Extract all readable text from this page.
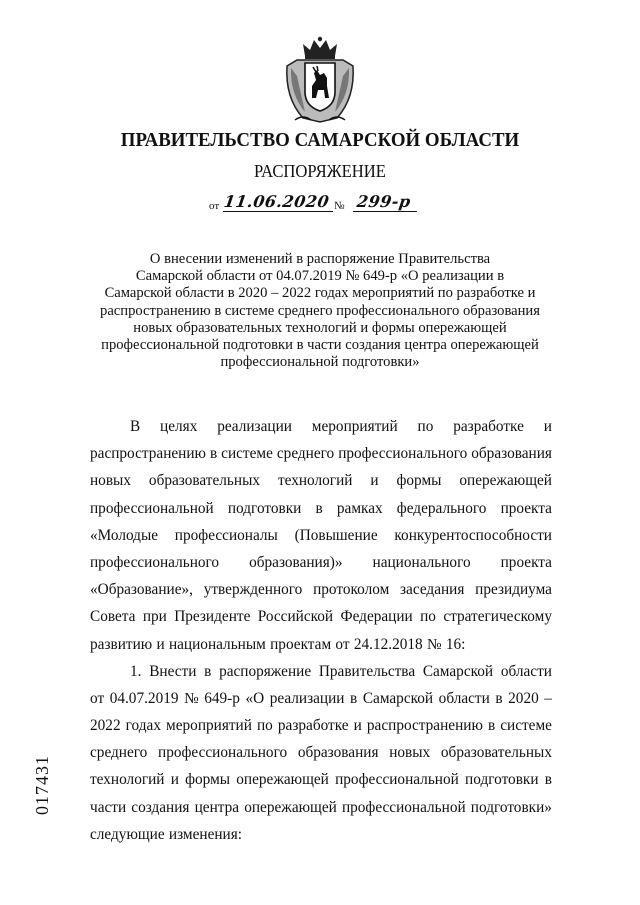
ПРАВИТЕЛЬСТВО САМАРСКОЙ ОБЛАСТИ
РАСПОРЯЖЕНИЕ
от 11.06.2020 № 299-р
О внесении изменений в распоряжение Правительства
Самарской области от 04.07.2019 № 649-р «О реализации в
Самарской области в 2020 – 2022 годах мероприятий по разработке и
распространению в системе среднего профессионального образования
новых образовательных технологий и формы опережающей
профессиональной подготовки в части создания центра опережающей
профессиональной подготовки»
В целях реализации мероприятий по разработке и
распространению в системе среднего профессионального образования
новых образовательных технологий и формы опережающей
профессиональной подготовки в рамках федерального проекта
«Молодые профессионалы (Повышение конкурентоспособности
профессионального образования)» национального проекта
«Образование», утвержденного протоколом заседания президиума
Совета при Президенте Российской Федерации по стратегическому
развитию и национальным проектам от 24.12.2018 № 16:
1. Внести в распоряжение Правительства Самарской области
от 04.07.2019 № 649-р «О реализации в Самарской области в 2020 –
2022 годах мероприятий по разработке и распространению в системе
среднего профессионального образования новых образовательных
технологий и формы опережающей профессиональной подготовки в
части создания центра опережающей профессиональной подготовки»
следующие изменения:
017431
